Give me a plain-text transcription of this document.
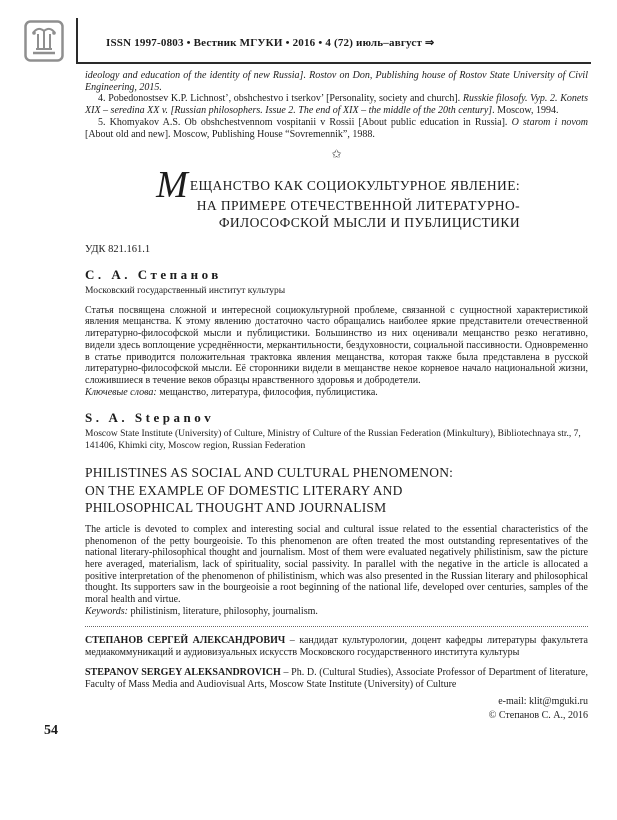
ISSN 1997-0803 • Вестник МГУКИ • 2016 • 4 (72) июль–август ⇒

ideology and education of the identity of new Russia]. Rostov on Don, Publishing house of Rostov State University of Civil Engineering, 2015.

4. Pobedonostsev K.P. Lichnost’, obshchestvo i tserkov’ [Personality, society and church]. Russkie filosofy. Vyp. 2. Konets XIX – seredina XX v. [Russian philosophers. Issue 2. The end of XIX – the middle of the 20th century]. Moscow, 1994.

5. Khomyakov A.S. Ob obshchestvennom vospitanii v Rossii [About public education in Russia]. O starom i novom [About old and new]. Moscow, Publishing House “Sovremennik”, 1988.

✩
МЕЩАНСТВО КАК СОЦИОКУЛЬТУРНОЕ ЯВЛЕНИЕ:
НА ПРИМЕРЕ ОТЕЧЕСТВЕННОЙ ЛИТЕРАТУРНО-
ФИЛОСОФСКОЙ МЫСЛИ И ПУБЛИЦИСТИКИ
УДК 821.161.1
С. А. Степанов

Московский государственный институт культуры

Статья посвящена сложной и интересной социокультурной проблеме, связанной с сущностной характеристикой явления мещанства. К этому явлению достаточно часто обращались наиболее яркие представители отечественной литературно-философской мысли и публицистики. Большинство из них оценивали мещанство резко негативно, видели здесь воплощение усреднённости, меркантильности, бездуховности, социальной пассивности. Одновременно в статье приводится положительная трактовка явления мещанства, которая также была представлена в русской литературно-философской мысли. Её сторонники видели в мещанстве некое корневое начало национальной жизни, сложившиеся в течение веков образцы нравственного здоровья и добродетели.

Ключевые слова: мещанство, литература, философия, публицистика.

S. A. Stepanov

Moscow State Institute (University) of Culture, Ministry of Culture of the Russian Federation (Minkultury), Bibliotechnaya str., 7, 141406, Khimki city, Moscow region, Russian Federation

PHILISTINES AS SOCIAL AND CULTURAL PHENOMENON:
ON THE EXAMPLE OF DOMESTIC LITERARY AND
PHILOSOPHICAL THOUGHT AND JOURNALISM

The article is devoted to complex and interesting social and cultural issue related to the essential characteristics of the phenomenon of the petty bourgeoisie. To this phenomenon are often treated the most outstanding representatives of the national literary-philosophical thought and journalism. Most of them were evaluated negatively philistinism, saw the picture here averaged, materialism, lack of spirituality, social passivity. In parallel with the negative in the article is allocated a positive interpretation of the phenomenon of philistinism, which was also presented in the Russian literary and philosophical thought. Its supporters saw in the bourgeoisie a root beginning of the national life, developed over centuries, samples of the moral health and virtue.

Keywords: philistinism, literature, philosophy, journalism.

СТЕПАНОВ СЕРГЕЙ АЛЕКСАНДРОВИЧ – кандидат культурологии, доцент кафедры литературы факультета медиакоммуникаций и аудиовизуальных искусств Московского государственного института культуры

STEPANOV SERGEY ALEKSANDROVICH – Ph. D. (Cultural Studies), Associate Professor of Department of literature, Faculty of Mass Media and Audiovisual Arts, Moscow State Institute (University) of Culture

e-mail: klit@mguki.ru
© Степанов С. А., 2016
54
